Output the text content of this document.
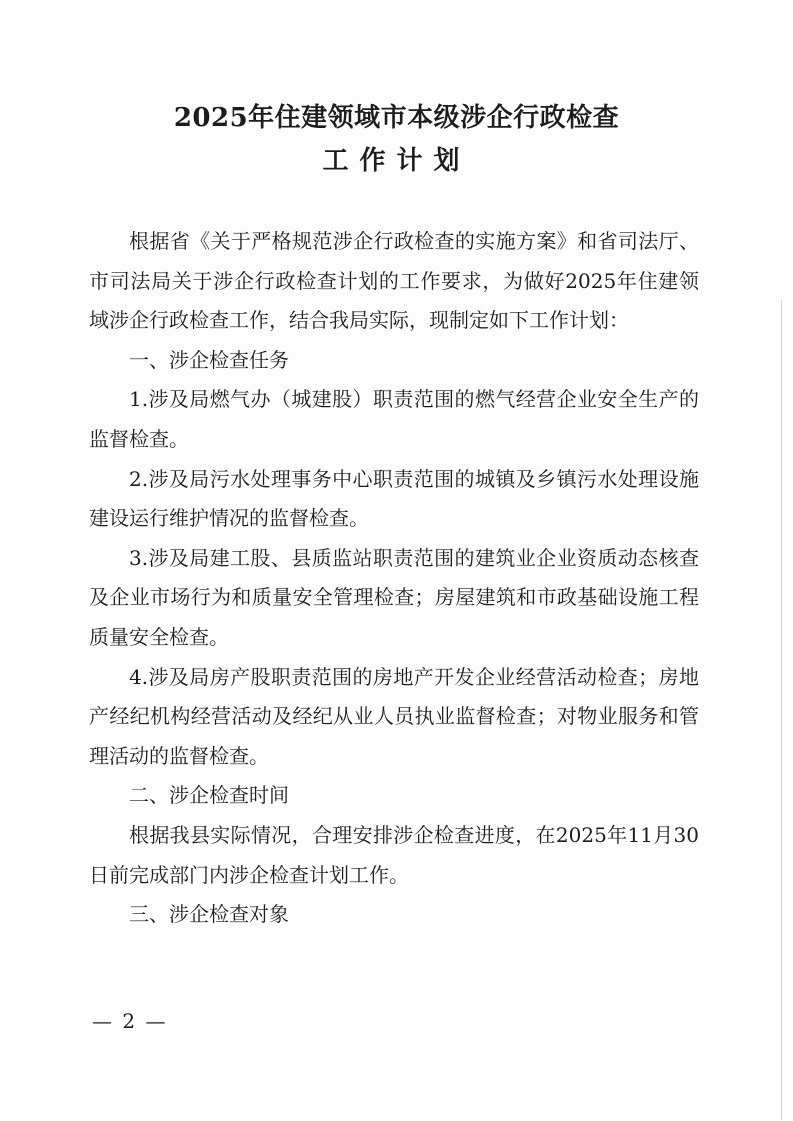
2025年住建领域市本级涉企行政检查
工作计划

根据省《关于严格规范涉企行政检查的实施方案》和省司法厅、市司法局关于涉企行政检查计划的工作要求，为做好2025年住建领域涉企行政检查工作，结合我局实际，现制定如下工作计划：

一、涉企检查任务

1.涉及局燃气办（城建股）职责范围的燃气经营企业安全生产的监督检查。

2.涉及局污水处理事务中心职责范围的城镇及乡镇污水处理设施建设运行维护情况的监督检查。

3.涉及局建工股、县质监站职责范围的建筑业企业资质动态核查及企业市场行为和质量安全管理检查；房屋建筑和市政基础设施工程质量安全检查。

4.涉及局房产股职责范围的房地产开发企业经营活动检查；房地产经纪机构经营活动及经纪从业人员执业监督检查；对物业服务和管理活动的监督检查。

二、涉企检查时间

根据我县实际情况，合理安排涉企检查进度，在2025年11月30日前完成部门内涉企检查计划工作。

三、涉企检查对象

— 2 —
